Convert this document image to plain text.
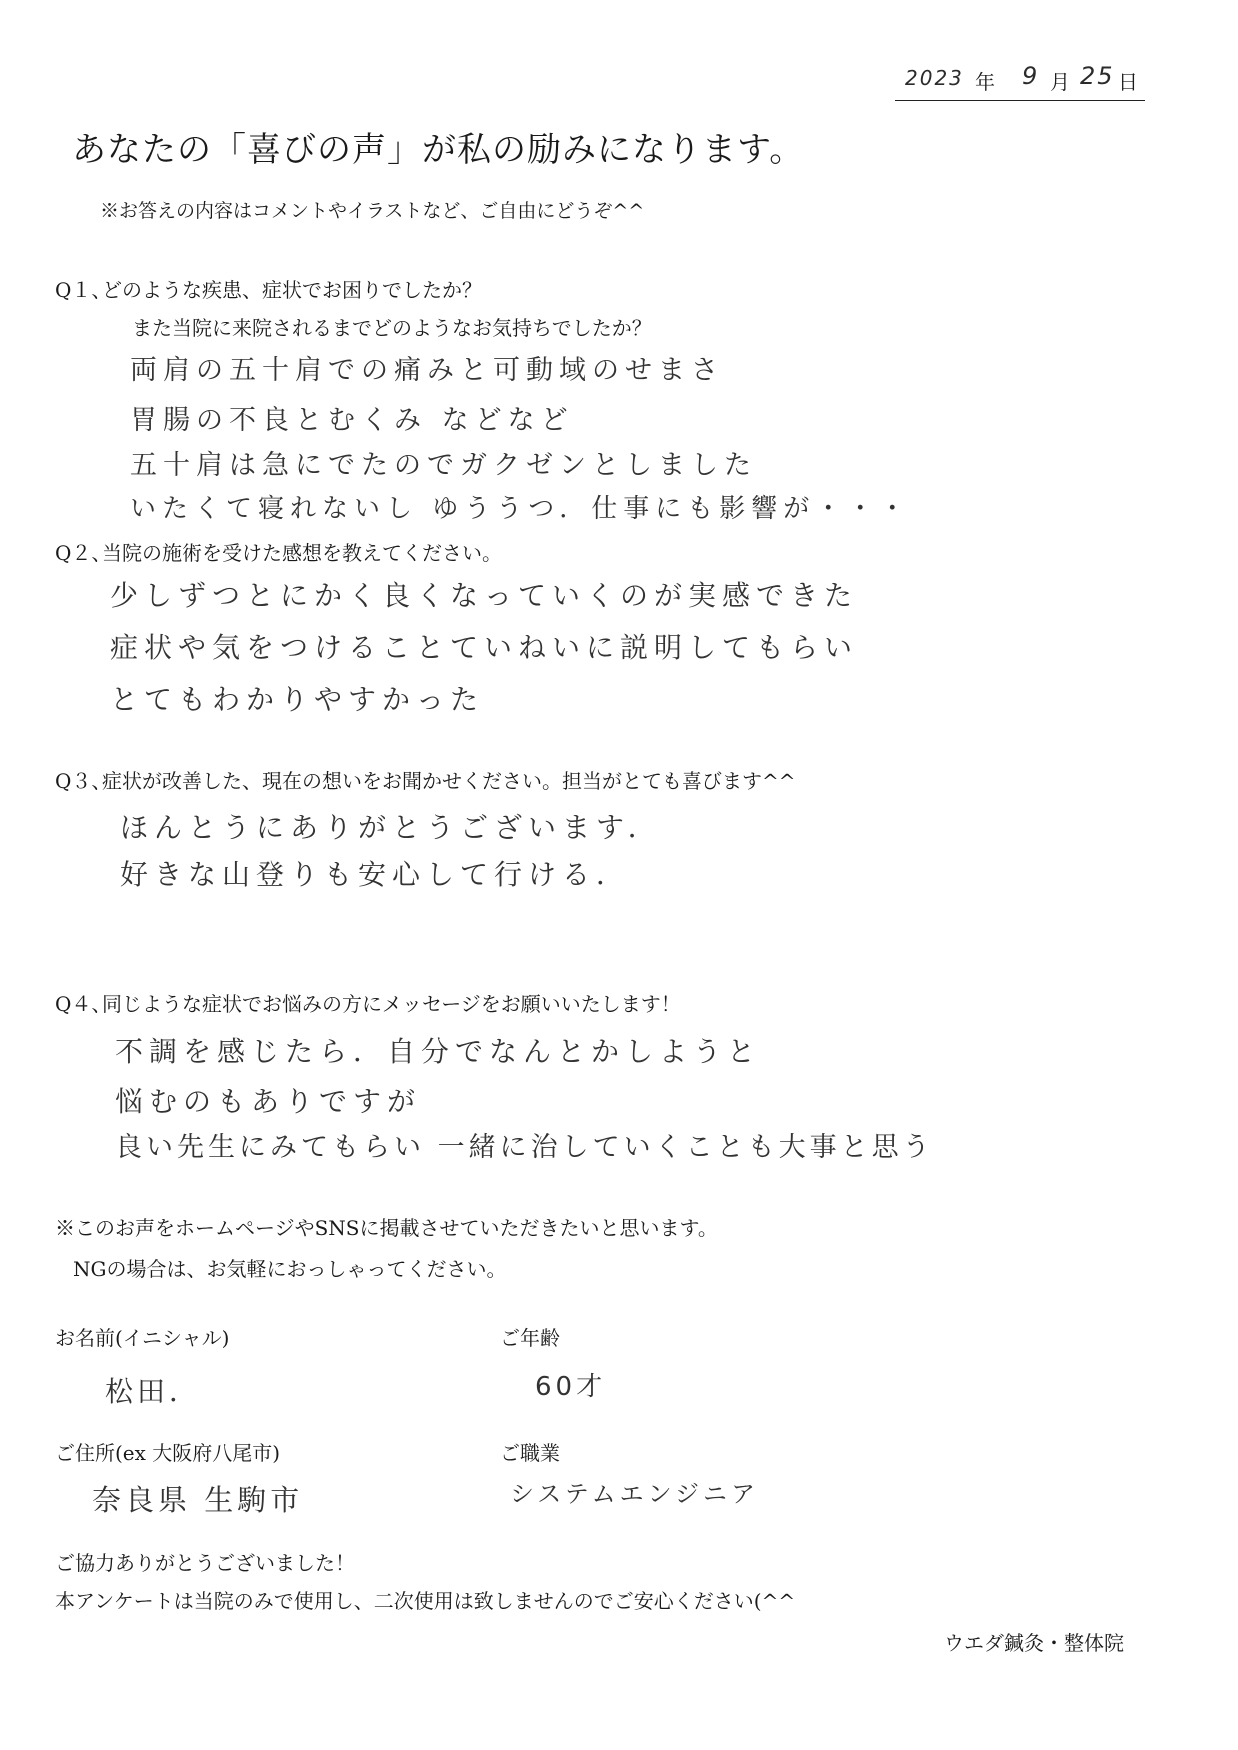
2023 年 9 月 25 日
あなたの「喜びの声」が私の励みになります。
※お答えの内容はコメントやイラストなど、ご自由にどうぞ^^
Q１、
どのような疾患、症状でお困りでしたか？
また当院に来院されるまでどのようなお気持ちでしたか？
両肩の五十肩での痛みと可動域のせまさ
胃腸の不良とむくみ などなど
五十肩は急にでたのでガクゼンとしました
いたくて寝れないし ゆううつ．仕事にも影響が・・・
Q２、
当院の施術を受けた感想を教えてください。
少しずつとにかく良くなっていくのが実感できた
症状や気をつけることていねいに説明してもらい
とてもわかりやすかった
Q３、
症状が改善した、現在の想いをお聞かせください。担当がとても喜びます^^
ほんとうにありがとうございます．
好きな山登りも安心して行ける．
Q４、
同じような症状でお悩みの方にメッセージをお願いいたします！
不調を感じたら．自分でなんとかしようと
悩むのもありですが
良い先生にみてもらい 一緒に治していくことも大事と思う
※このお声をホームページやSNSに掲載させていただきたいと思います。
NGの場合は、お気軽におっしゃってください。
お名前(イニシャル)
松田．
ご年齢
60才
ご住所(ex 大阪府八尾市)
奈良県 生駒市
ご職業
システムエンジニア
ご協力ありがとうございました！
本アンケートは当院のみで使用し、二次使用は致しませんのでご安心ください(^^
ウエダ鍼灸・整体院
